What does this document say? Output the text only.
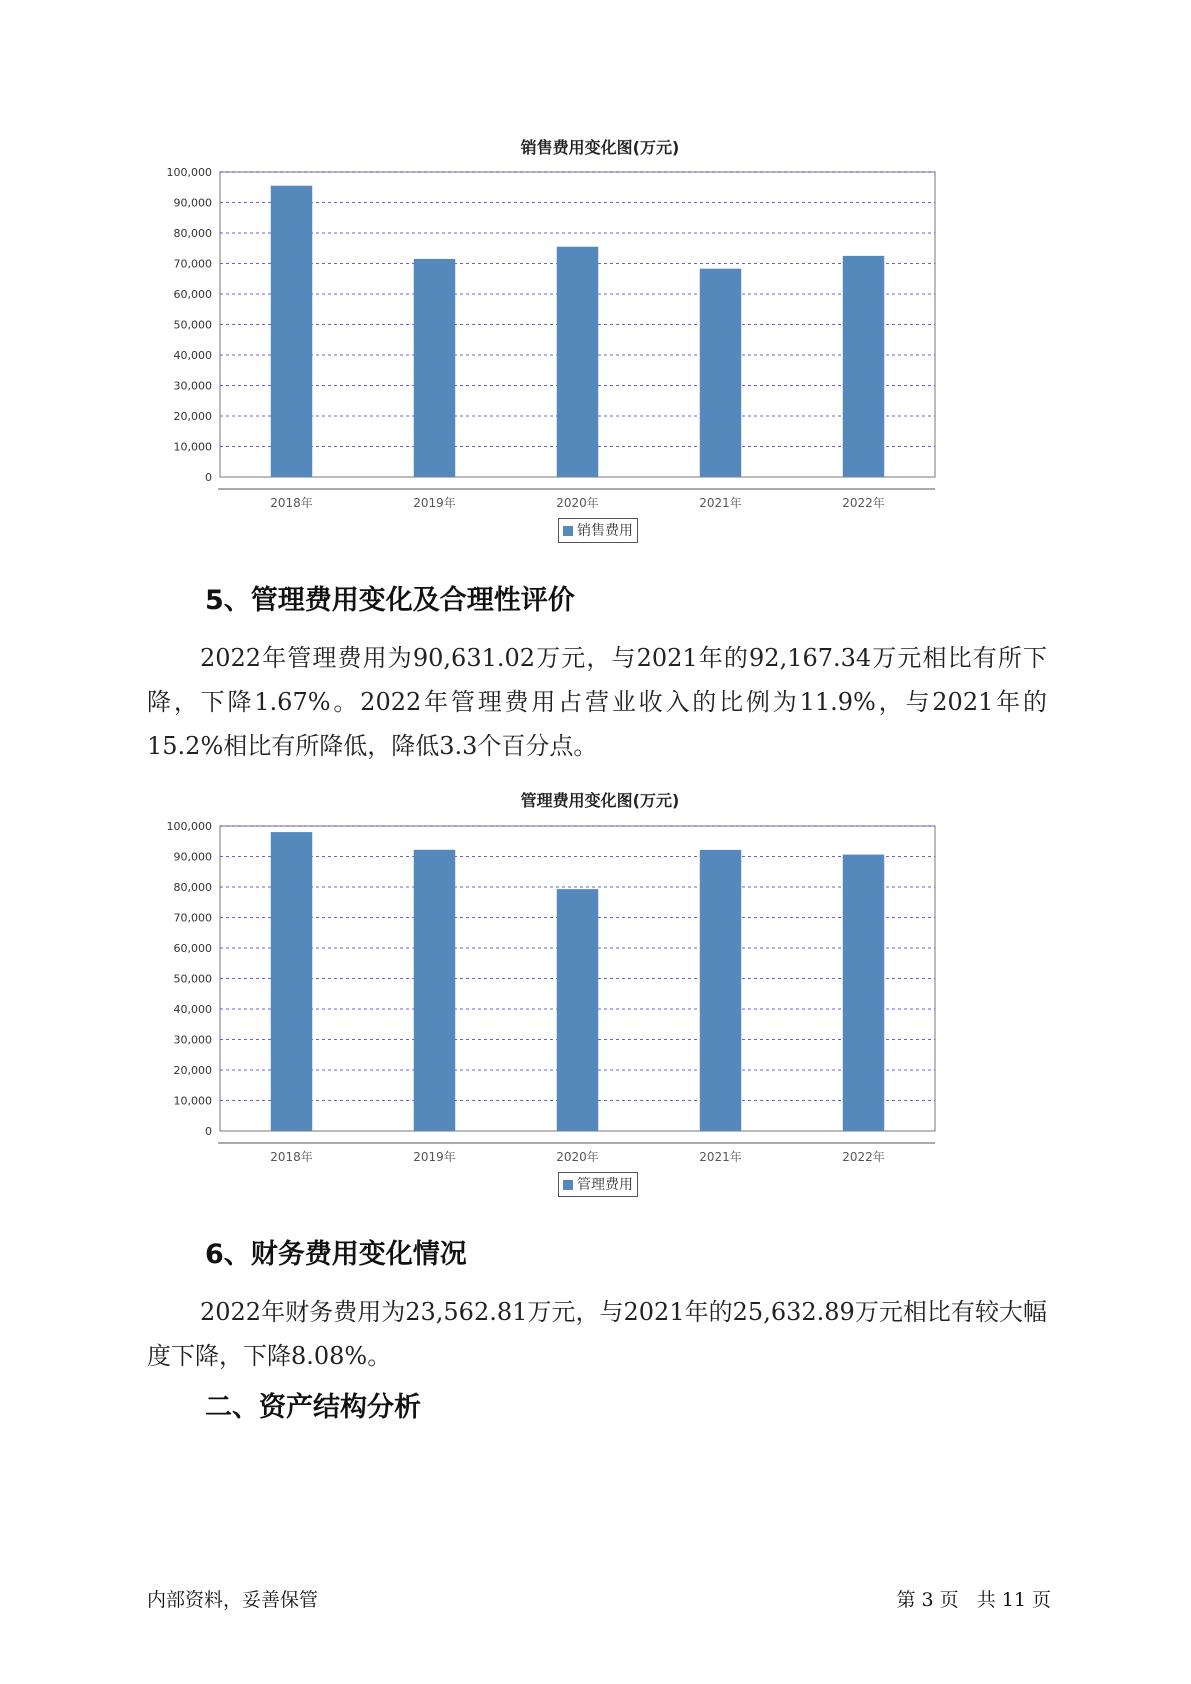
销售费用变化图(万元)
0
10,000
20,000
30,000
40,000
50,000
60,000
70,000
80,000
90,000
100,000
2018年	2019年	2020年	2021年	2022年
销售费用
5、管理费用变化及合理性评价

2022年管理费用为90,631.02万元，与2021年的92,167.34万元相比有所下降，下降1.67%。2022年管理费用占营业收入的比例为11.9%，与2021年的15.2%相比有所降低，降低3.3个百分点。

管理费用变化图(万元)
0
10,000
20,000
30,000
40,000
50,000
60,000
70,000
80,000
90,000
100,000
2018年	2019年	2020年	2021年	2022年
管理费用
6、财务费用变化情况

2022年财务费用为23,562.81万元，与2021年的25,632.89万元相比有较大幅度下降，下降8.08%。

二、资产结构分析
内部资料，妥善保管	第 3 页   共 11 页
